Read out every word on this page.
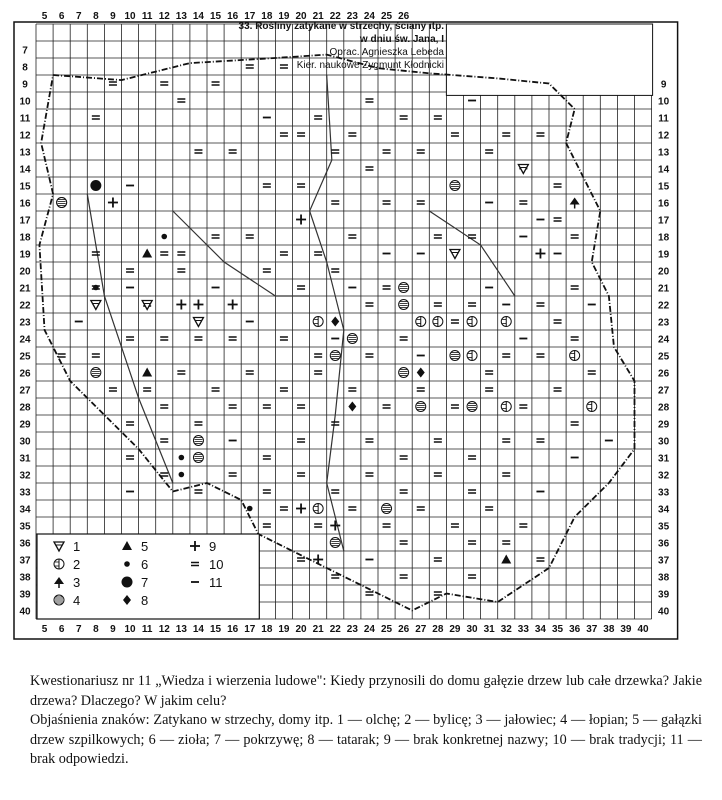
5
5
6
6
7
7
8
8
9
9
10
10
11
11
12
12
13
13
14
14
15
15
16
16
17
17
18
18
19
19
20
20
21
21
22
22
23
23
24
24
25
25
26
26 27 28 29 30 31 32 33 34 35 36 37 38 39 40
7
8
9	9
10	10
11	11
12	12
13	13
14	14
15	15
16	16
17	17
18	18
19	19
20	20
21	21
22	22
23	23
24	24
25	25
26	26
27	27
28	28
29	29
30	30
31	31
32	32
33	33
34	34
35	35
36	36
37	37
38	38
39	39
40	40
1
2
3
4
5
6
7
8
9
10
11
33. Rośliny zatykane w strzechy, ściany itp.
w dniu św. Jana, I
Oprac. Agnieszka Lebeda
Kier. naukowe Zygmunt Kłodnicki

Kwestionariusz nr 11 „Wiedza i wierzenia ludowe": Kiedy przynosili do domu gałęzie drzew lub całe drzewka? Jakie drzewa? Dlaczego? W jakim celu?

Objaśnienia znaków: Zatykano w strzechy, domy itp. 1 — olchę; 2 — bylicę; 3 — jałowiec; 4 — łopian; 5 — gałązki drzew szpilkowych; 6 — zioła; 7 — pokrzywę; 8 — tatarak; 9 — brak konkretnej nazwy; 10 — brak tradycji; 11 — brak odpowiedzi.
